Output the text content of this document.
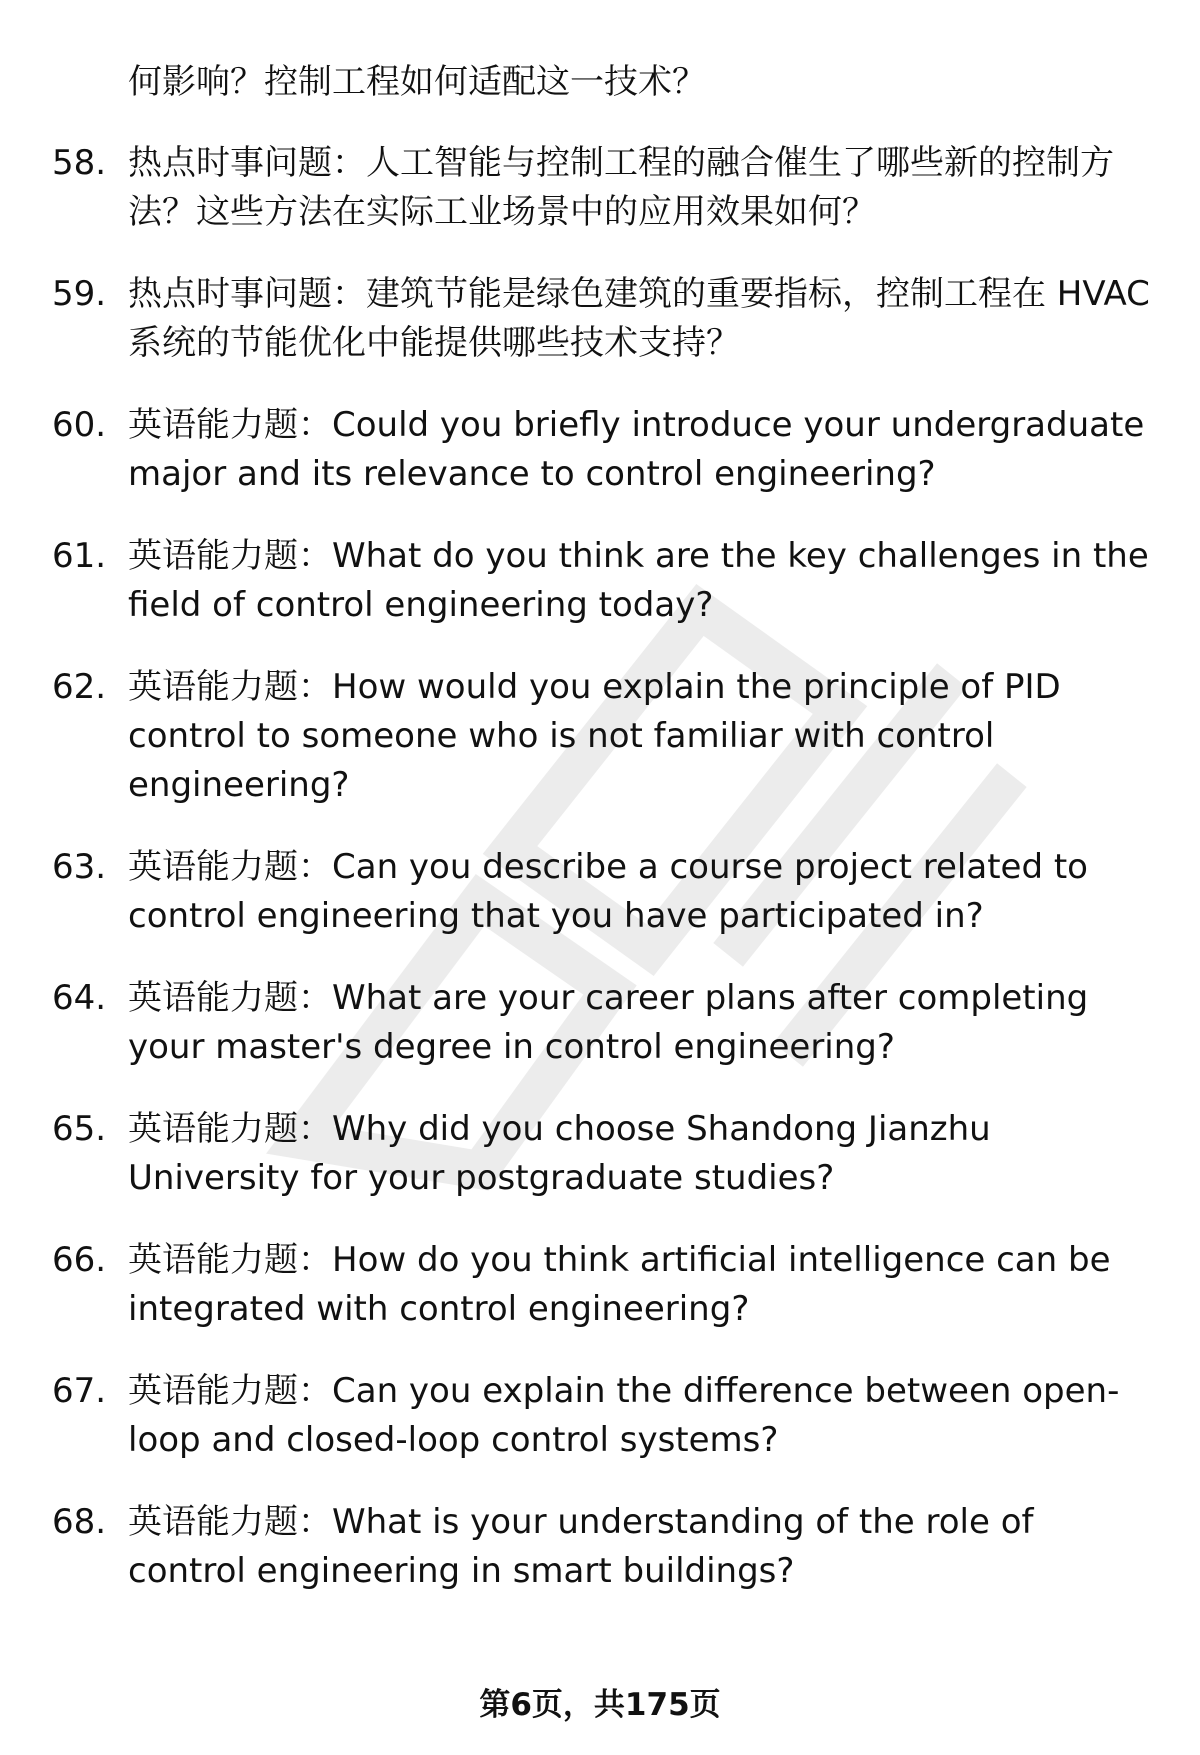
何影响？控制工程如何适配这一技术？
58. 热点时事问题：人工智能与控制工程的融合催生了哪些新的控制方法？这些方法在实际工业场景中的应用效果如何？
59. 热点时事问题：建筑节能是绿色建筑的重要指标，控制工程在 HVAC 系统的节能优化中能提供哪些技术支持？
60. 英语能力题：Could you briefly introduce your undergraduate major and its relevance to control engineering?
61. 英语能力题：What do you think are the key challenges in the field of control engineering today?
62. 英语能力题：How would you explain the principle of PID control to someone who is not familiar with control engineering?
63. 英语能力题：Can you describe a course project related to control engineering that you have participated in?
64. 英语能力题：What are your career plans after completing your master's degree in control engineering?
65. 英语能力题：Why did you choose Shandong Jianzhu University for your postgraduate studies?
66. 英语能力题：How do you think artificial intelligence can be integrated with control engineering?
67. 英语能力题：Can you explain the difference between open-loop and closed-loop control systems?
68. 英语能力题：What is your understanding of the role of control engineering in smart buildings?
第6页，共175页
